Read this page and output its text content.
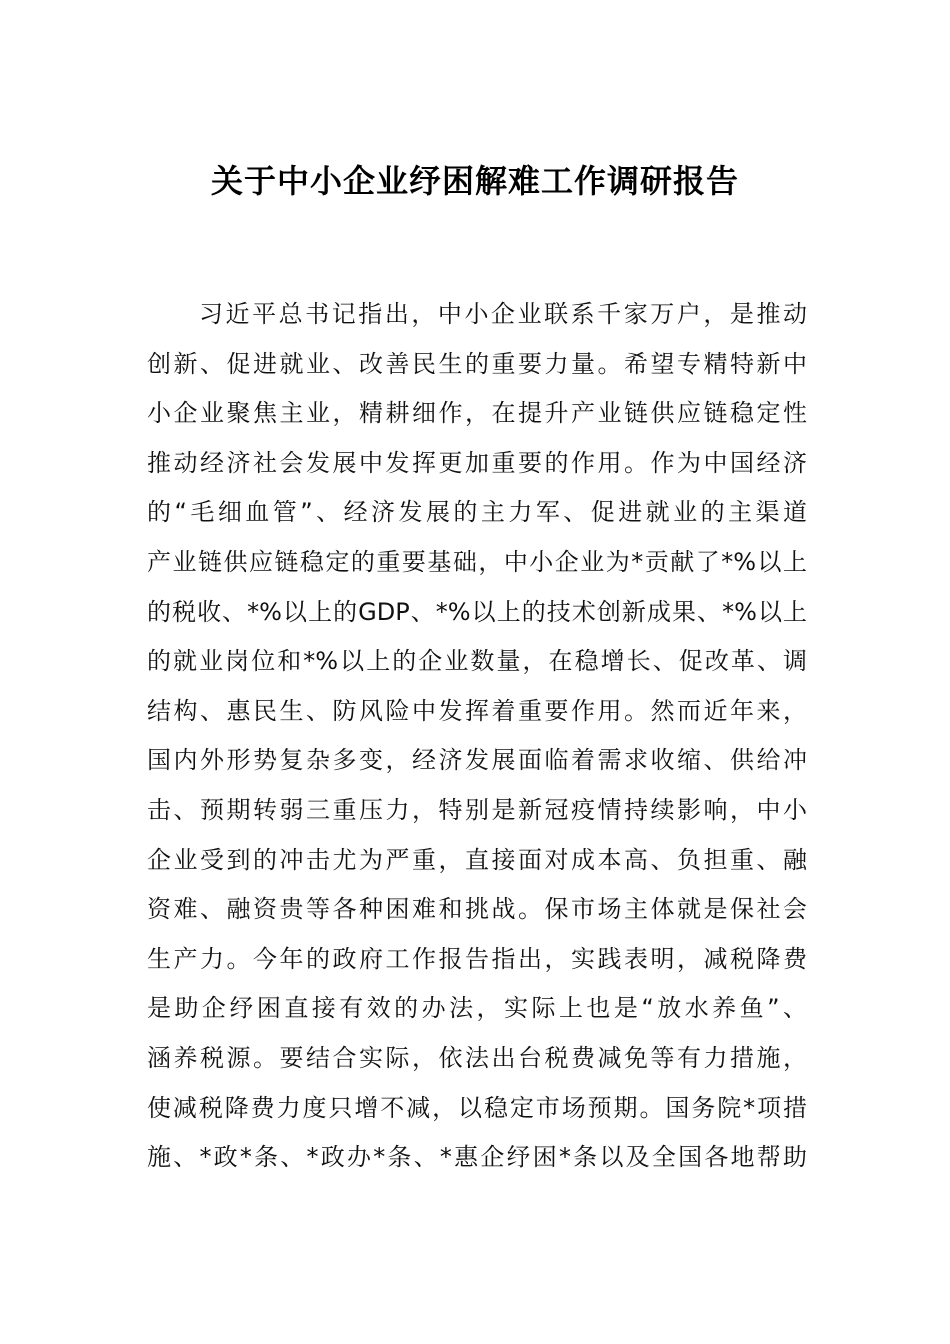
关于中小企业纾困解难工作调研报告
习近平总书记指出，中小企业联系千家万户，是推动
创新、促进就业、改善民生的重要力量。希望专精特新中
小企业聚焦主业，精耕细作，在提升产业链供应链稳定性
推动经济社会发展中发挥更加重要的作用。作为中国经济
的“毛细血管”、经济发展的主力军、促进就业的主渠道
产业链供应链稳定的重要基础，中小企业为*贡献了*%以上
的税收、*%以上的GDP、*%以上的技术创新成果、*%以上
的就业岗位和*%以上的企业数量，在稳增长、促改革、调
结构、惠民生、防风险中发挥着重要作用。然而近年来，
国内外形势复杂多变，经济发展面临着需求收缩、供给冲
击、预期转弱三重压力，特别是新冠疫情持续影响，中小
企业受到的冲击尤为严重，直接面对成本高、负担重、融
资难、融资贵等各种困难和挑战。保市场主体就是保社会
生产力。今年的政府工作报告指出，实践表明，减税降费
是助企纾困直接有效的办法，实际上也是“放水养鱼”、
涵养税源。要结合实际，依法出台税费减免等有力措施，
使减税降费力度只增不减，以稳定市场预期。国务院*项措
施、*政*条、*政办*条、*惠企纾困*条以及全国各地帮助
